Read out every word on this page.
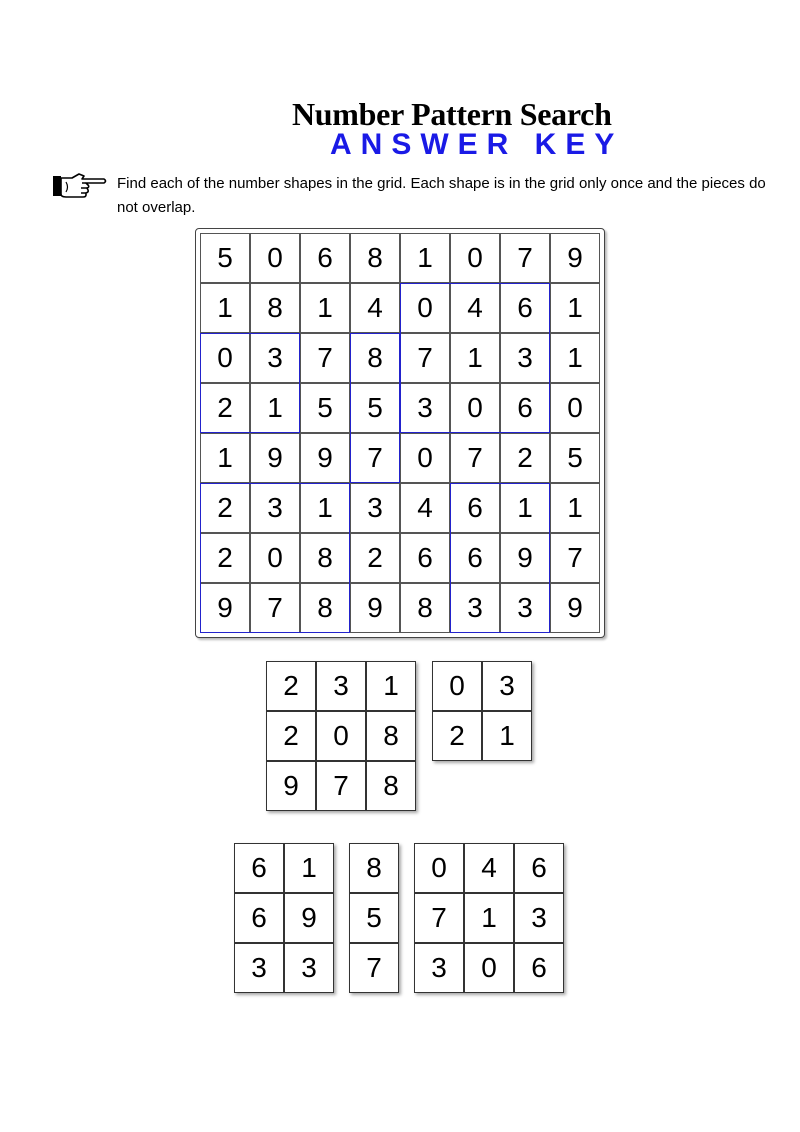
Number Pattern Search
ANSWER KEY
Find each of the number shapes in the grid. Each shape is in the grid only once and the pieces do not overlap.
5	0	6	8	1	0	7	9
1	8	1	4	0	4	6	1
0	3	7	8	7	1	3	1
2	1	5	5	3	0	6	0
1	9	9	7	0	7	2	5
2	3	1	3	4	6	1	1
2	0	8	2	6	6	9	7
9	7	8	9	8	3	3	9
2	3	1
2	0	8
9	7	8
0	3
2	1
6	1
6	9
3	3
8
5
7
0	4	6
7	1	3
3	0	6
